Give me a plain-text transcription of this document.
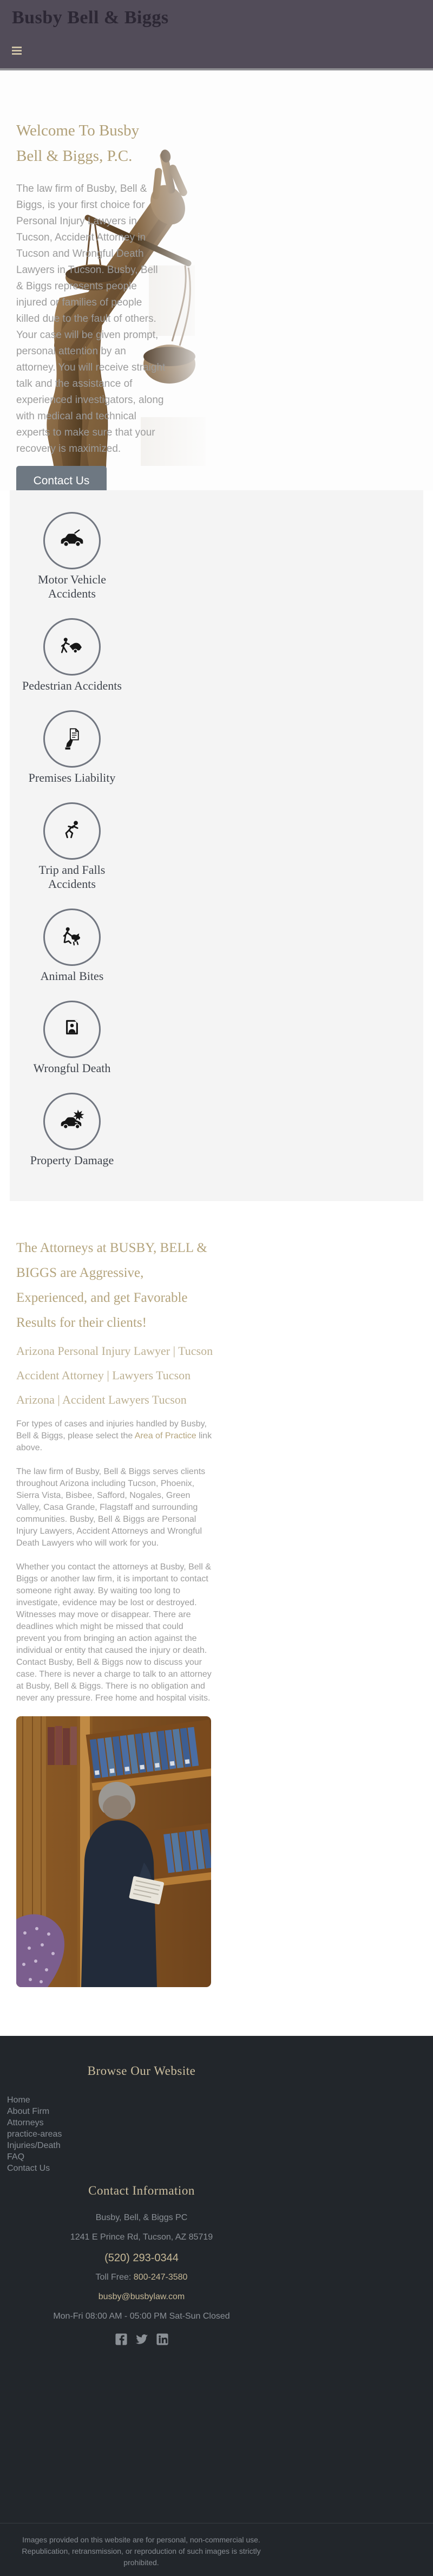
Busby Bell & Biggs
Welcome To Busby Bell & Biggs, P.C.

The law firm of Busby, Bell & Biggs, is your first choice for Personal Injury Lawyers in Tucson, Accident Attorney in Tucson and Wrongful Death Lawyers in Tucson. Busby, Bell & Biggs represents people injured or families of people killed due to the fault of others. Your case will be given prompt, personal attention by an attorney. You will receive straight talk and the assistance of experienced investigators, along with medical and technical experts to make sure that your recovery is maximized.

Contact Us
Motor Vehicle Accidents
Pedestrian Accidents
Premises Liability
Trip and Falls Accidents
Animal Bites
Wrongful Death
Property Damage
The Attorneys at BUSBY, BELL & BIGGS are Aggressive, Experienced, and get Favorable Results for their clients!
Arizona Personal Injury Lawyer | Tucson Accident Attorney | Lawyers Tucson Arizona | Accident Lawyers Tucson

For types of cases and injuries handled by Busby, Bell & Biggs, please select the Area of Practice link above.

The law firm of Busby, Bell & Biggs serves clients throughout Arizona including Tucson, Phoenix, Sierra Vista, Bisbee, Safford, Nogales, Green Valley, Casa Grande, Flagstaff and surrounding communities. Busby, Bell & Biggs are Personal Injury Lawyers, Accident Attorneys and Wrongful Death Lawyers who will work for you.

Whether you contact the attorneys at Busby, Bell & Biggs or another law firm, it is important to contact someone right away. By waiting too long to investigate, evidence may be lost or destroyed. Witnesses may move or disappear. There are deadlines which might be missed that could prevent you from bringing an action against the individual or entity that caused the injury or death.

Contact Busby, Bell & Biggs now to discuss your case. There is never a charge to talk to an attorney at Busby, Bell & Biggs. There is no obligation and never any pressure. Free home and hospital visits.

Browse Our Website
Home
About Firm
Attorneys
practice-areas
Injuries/Death
FAQ
Contact Us
Contact Information
Busby, Bell, & Biggs PC
1241 E Prince Rd, Tucson, AZ 85719
(520) 293-0344
Toll Free: 800-247-3580
busby@busbylaw.com
Mon-Fri 08:00 AM - 05:00 PM Sat-Sun Closed
Images provided on this website are for personal, non-commercial use. Republication, retransmission, or reproduction of such images is strictly prohibited.
